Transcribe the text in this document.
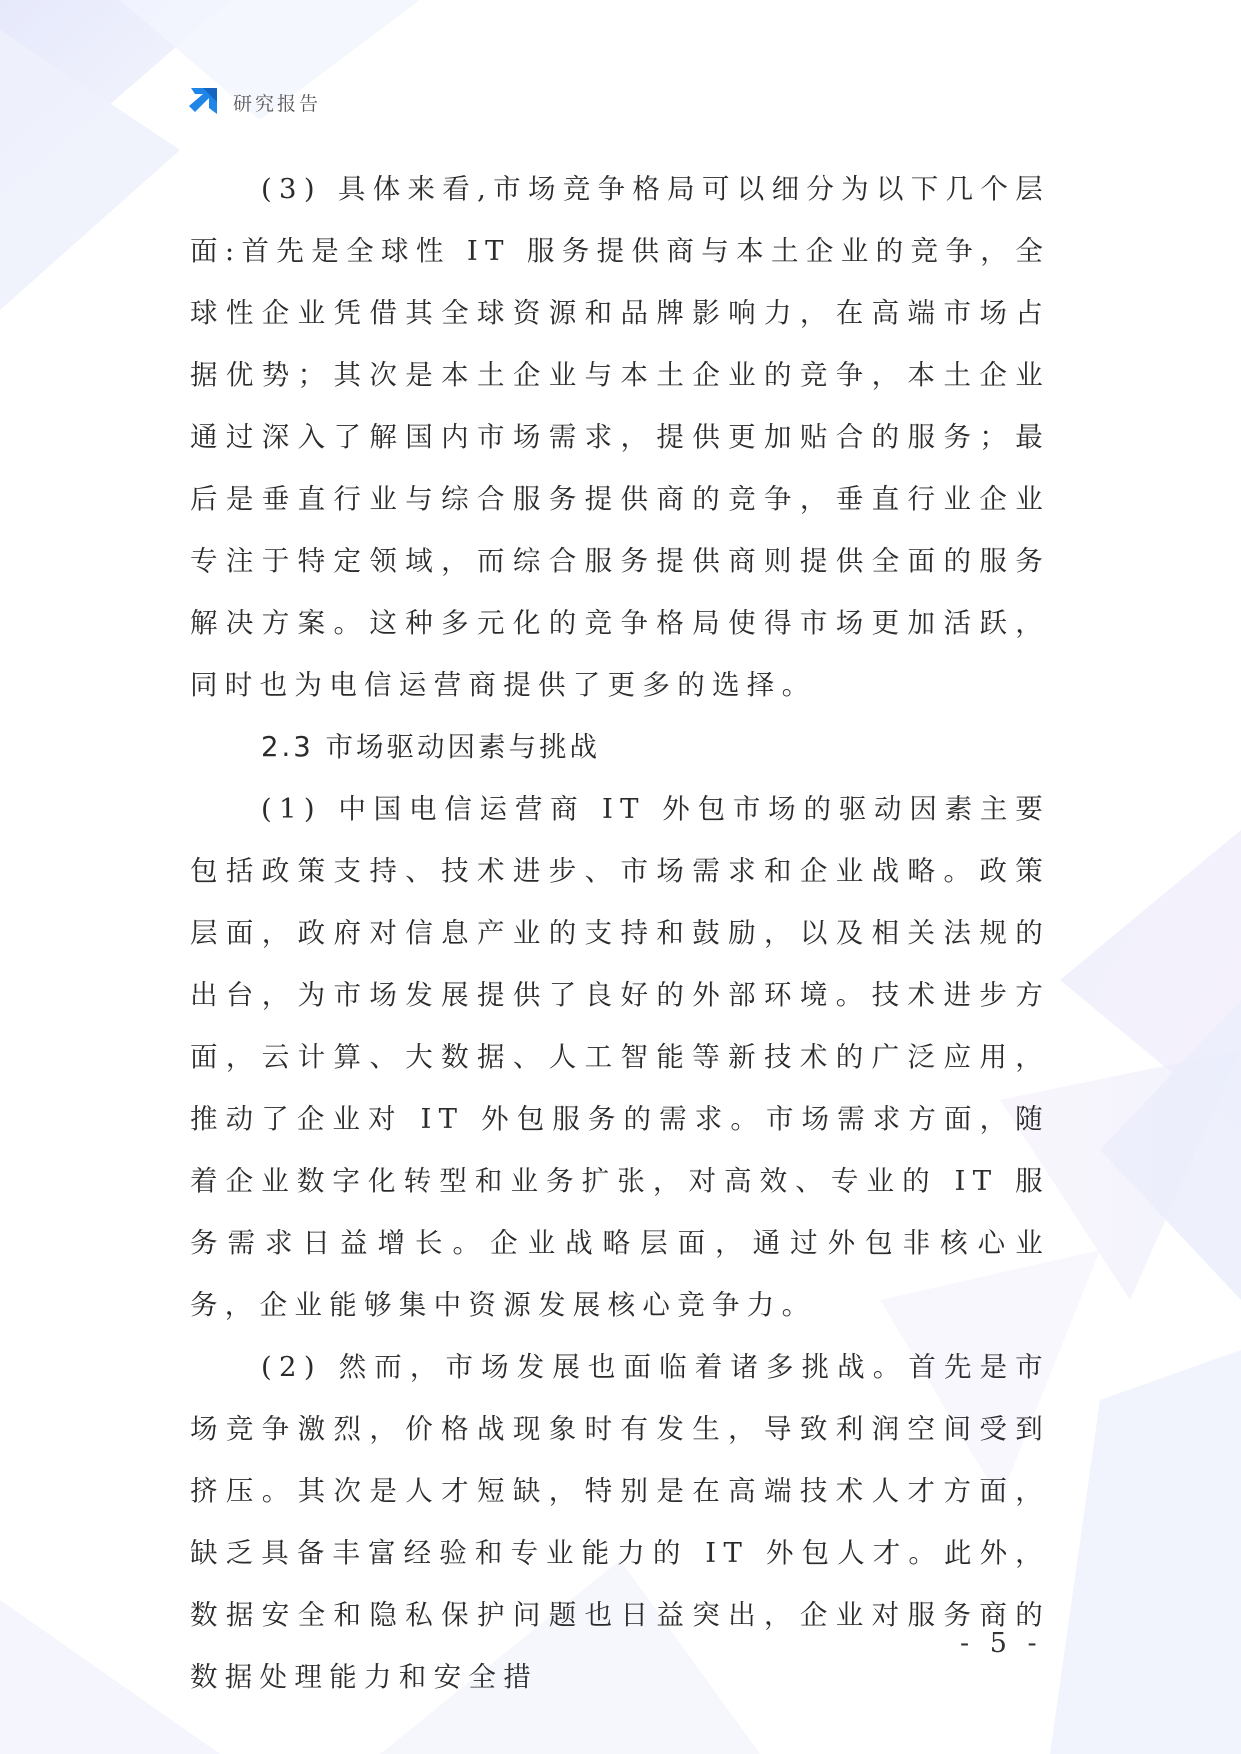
研究报告

(3) 具体来看,市场竞争格局可以细分为以下几个层面:首先是全球性 IT 服务提供商与本土企业的竞争，全球性企业凭借其全球资源和品牌影响力，在高端市场占据优势；其次是本土企业与本土企业的竞争，本土企业通过深入了解国内市场需求，提供更加贴合的服务；最后是垂直行业与综合服务提供商的竞争，垂直行业企业专注于特定领域，而综合服务提供商则提供全面的服务解决方案。这种多元化的竞争格局使得市场更加活跃，同时也为电信运营商提供了更多的选择。

2.3 市场驱动因素与挑战

(1) 中国电信运营商 IT 外包市场的驱动因素主要包括政策支持、技术进步、市场需求和企业战略。政策层面，政府对信息产业的支持和鼓励，以及相关法规的出台，为市场发展提供了良好的外部环境。技术进步方面，云计算、大数据、人工智能等新技术的广泛应用，推动了企业对 IT 外包服务的需求。市场需求方面，随着企业数字化转型和业务扩张，对高效、专业的 IT 服务需求日益增长。企业战略层面，通过外包非核心业务，企业能够集中资源发展核心竞争力。

(2) 然而，市场发展也面临着诸多挑战。首先是市场竞争激烈，价格战现象时有发生，导致利润空间受到挤压。其次是人才短缺，特别是在高端技术人才方面，缺乏具备丰富经验和专业能力的 IT 外包人才。此外，数据安全和隐私保护问题也日益突出，企业对服务商的数据处理能力和安全措

- 5 -
